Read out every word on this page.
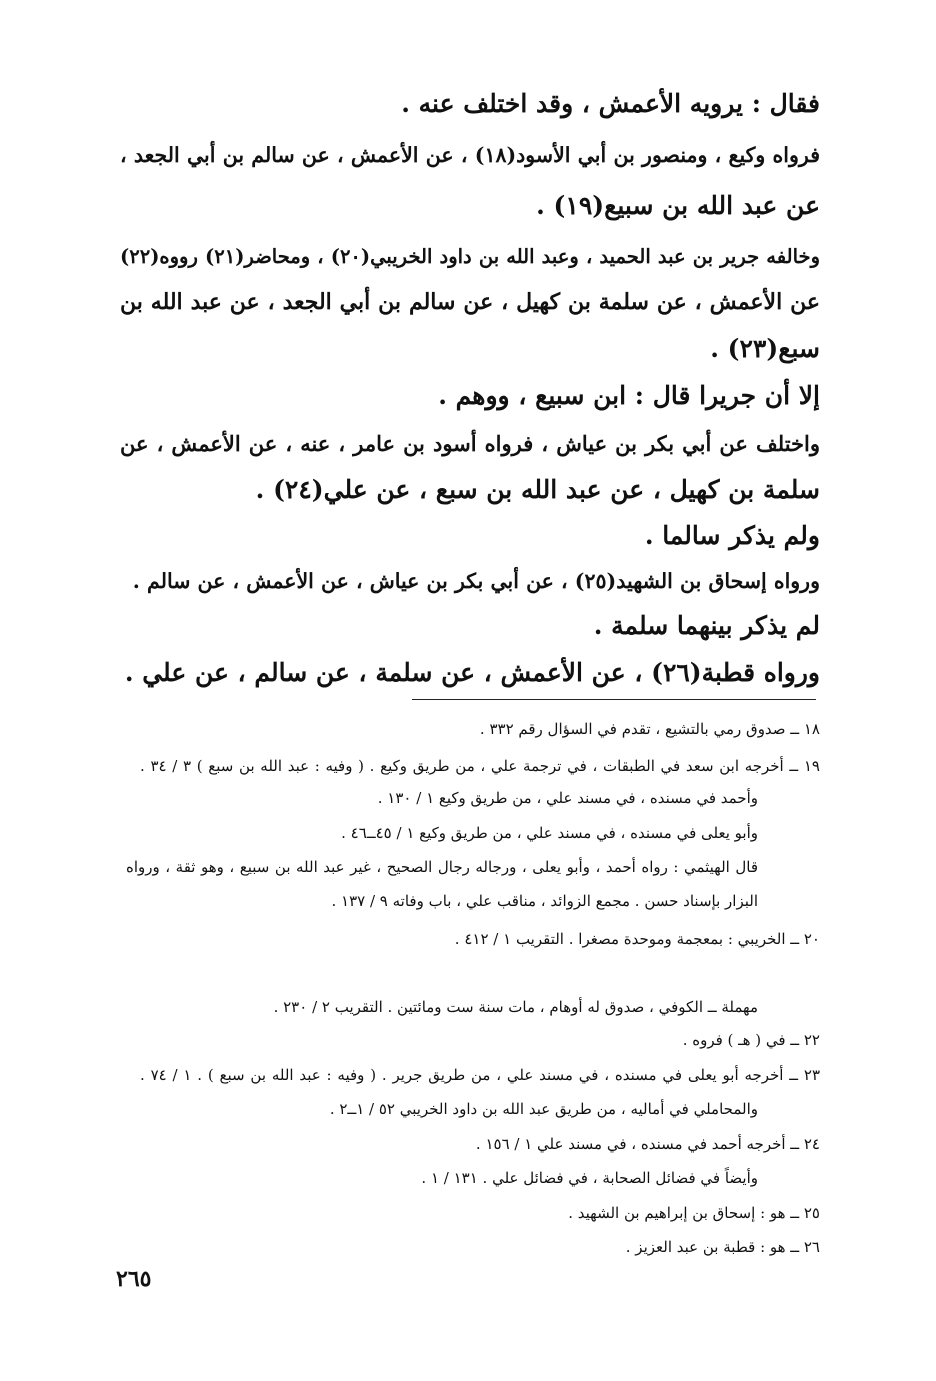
فقال : يرويه الأعمش ، وقد اختلف عنه .
فرواه وكيع ، ومنصور بن أبي الأسود(١٨) ، عن الأعمش ، عن سالم بن أبي الجعد ،
عن عبد الله بن سبيع(١٩) .
وخالفه جرير بن عبد الحميد ، وعبد الله بن داود الخريبي(٢٠) ، ومحاضر(٢١) رووه(٢٢)
عن الأعمش ، عن سلمة بن كهيل ، عن سالم بن أبي الجعد ، عن عبد الله بن
سبع(٢٣) .
إلا أن جريرا قال : ابن سبيع ، ووهم .
واختلف عن أبي بكر بن عياش ، فرواه أسود بن عامر ، عنه ، عن الأعمش ، عن
سلمة بن كهيل ، عن عبد الله بن سبع ، عن علي(٢٤) .
ولم يذكر سالما .
ورواه إسحاق بن الشهيد(٢٥) ، عن أبي بكر بن عياش ، عن الأعمش ، عن سالم .
لم يذكر بينهما سلمة .
ورواه قطبة(٢٦) ، عن الأعمش ، عن سلمة ، عن سالم ، عن علي .
١٨ ــ صدوق رمي بالتشيع ، تقدم في السؤال رقم ٣٣٢ .
١٩ ــ أخرجه ابن سعد في الطبقات ، في ترجمة علي ، من طريق وكيع . ( وفيه : عبد الله بن سبع ) ٣ / ٣٤ .
وأحمد في مسنده ، في مسند علي ، من طريق وكيع ١ / ١٣٠ .
وأبو يعلى في مسنده ، في مسند علي ، من طريق وكيع ١ / ٤٥ــ٤٦ .
قال الهيثمي : رواه أحمد ، وأبو يعلى ، ورجاله رجال الصحيح ، غير عبد الله بن سبيع ، وهو ثقة ، ورواه
البزار بإسناد حسن . مجمع الزوائد ، مناقب علي ، باب وفاته ٩ / ١٣٧ .
٢٠ ــ الخريبي : بمعجمة وموحدة مصغرا . التقريب ١ / ٤١٢ .
مهملة ــ الكوفي ، صدوق له أوهام ، مات سنة ست ومائتين . التقريب ٢ / ٢٣٠ .
٢٢ ــ في ( هـ ) فروه .
٢٣ ــ أخرجه أبو يعلى في مسنده ، في مسند علي ، من طريق جرير . ( وفيه : عبد الله بن سبع ) . ١ / ٧٤ .
والمحاملي في أماليه ، من طريق عبد الله بن داود الخريبي ٥٢ / ١ــ٢ .
٢٤ ــ أخرجه أحمد في مسنده ، في مسند علي ١ / ١٥٦ .
وأيضاً في فضائل الصحابة ، في فضائل علي . ١٣١ / ١ .
٢٥ ــ هو : إسحاق بن إبراهيم بن الشهيد .
٢٦ ــ هو : قطبة بن عبد العزيز .
٢٦٥
